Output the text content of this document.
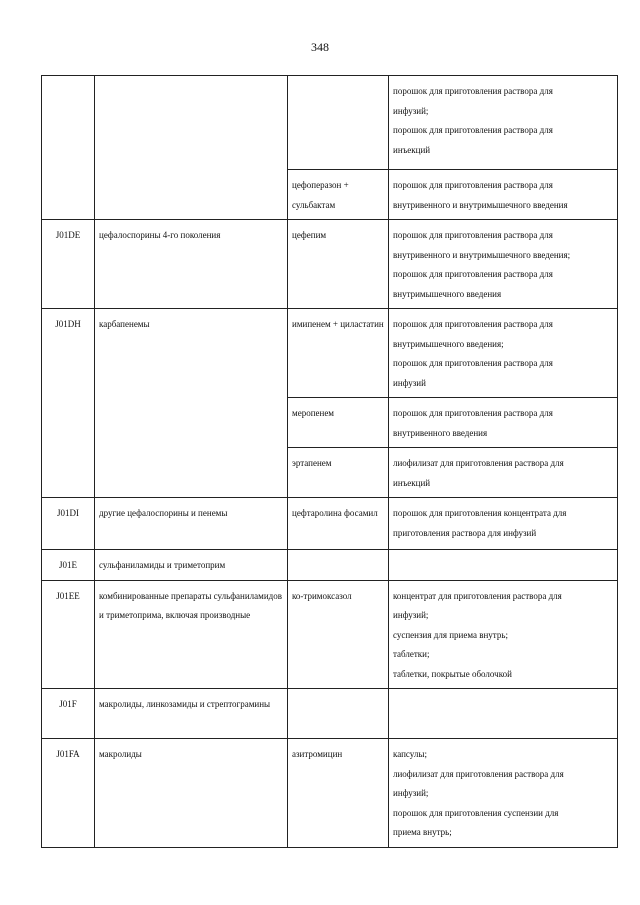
348

			порошок для приготовления раствора для
инфузий;
порошок для приготовления раствора для
инъекций

		цефоперазон + сульбактам	порошок для приготовления раствора для
внутривенного и внутримышечного введения

J01DE	цефалоспорины 4-го поколения	цефепим	порошок для приготовления раствора для
внутривенного и внутримышечного введения;
порошок для приготовления раствора для
внутримышечного введения

J01DH	карбапенемы	имипенем + циластатин	порошок для приготовления раствора для
внутримышечного введения;
порошок для приготовления раствора для
инфузий

		меропенем	порошок для приготовления раствора для
внутривенного введения

		эртапенем	лиофилизат для приготовления раствора для
инъекций

J01DI	другие цефалоспорины и пенемы	цефтаролина фосамил	порошок для приготовления концентрата для
приготовления раствора для инфузий

J01E	сульфаниламиды и триметоприм		
J01EE	комбинированные препараты сульфаниламидов и триметоприма, включая производные	ко-тримоксазол	концентрат для приготовления раствора для
инфузий;
суспензия для приема внутрь;
таблетки;
таблетки, покрытые оболочкой

J01F	макролиды, линкозамиды и стрептограмины		
J01FA	макролиды	азитромицин	капсулы;
лиофилизат для приготовления раствора для
инфузий;
порошок для приготовления суспензии для
приема внутрь;
